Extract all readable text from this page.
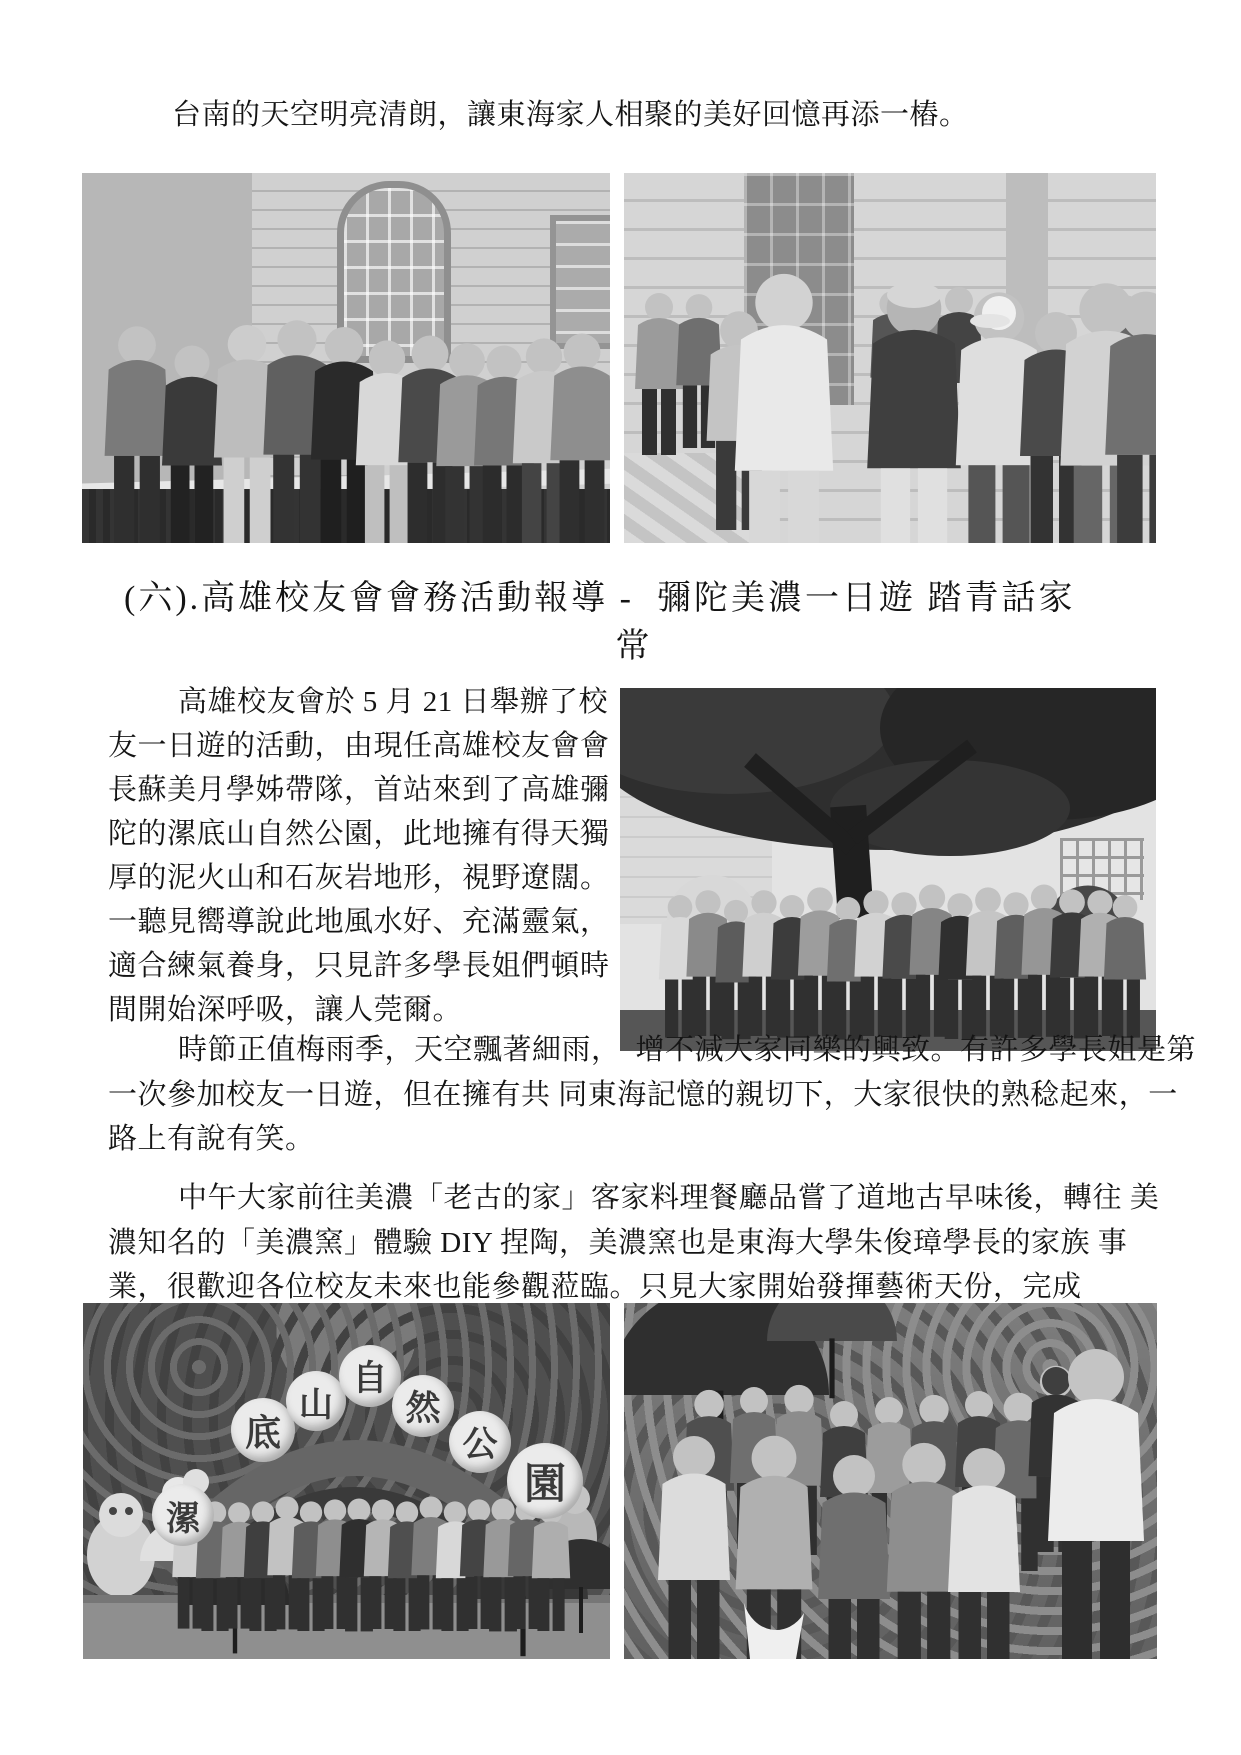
台南的天空明亮清朗，讓東海家人相聚的美好回憶再添一樁。
(六).高雄校友會會務活動報導 -  彌陀美濃一日遊 踏青話家
常
高雄校友會於 5 月 21 日舉辦了校
友一日遊的活動，由現任高雄校友會會
長蘇美月學姊帶隊，首站來到了高雄彌
陀的漯底山自然公園，此地擁有得天獨
厚的泥火山和石灰岩地形，視野遼闊。
一聽見嚮導說此地風水好、充滿靈氣，
適合練氣養身，只見許多學長姐們頓時
間開始深呼吸，讓人莞爾。
時節正值梅雨季，天空飄著細雨，　增不減大家同樂的興致。有許多學長姐是第
一次參加校友一日遊，但在擁有共 同東海記憶的親切下，大家很快的熟稔起來，一
路上有說有笑。
中午大家前往美濃「老古的家」客家料理餐廳品嘗了道地古早味後，轉往 美
濃知名的「美濃窯」體驗 DIY 捏陶，美濃窯也是東海大學朱俊璋學長的家族 事
業，很歡迎各位校友未來也能參觀蒞臨。只見大家開始發揮藝術天份，完成
漯
底
山
自
然
公
園
